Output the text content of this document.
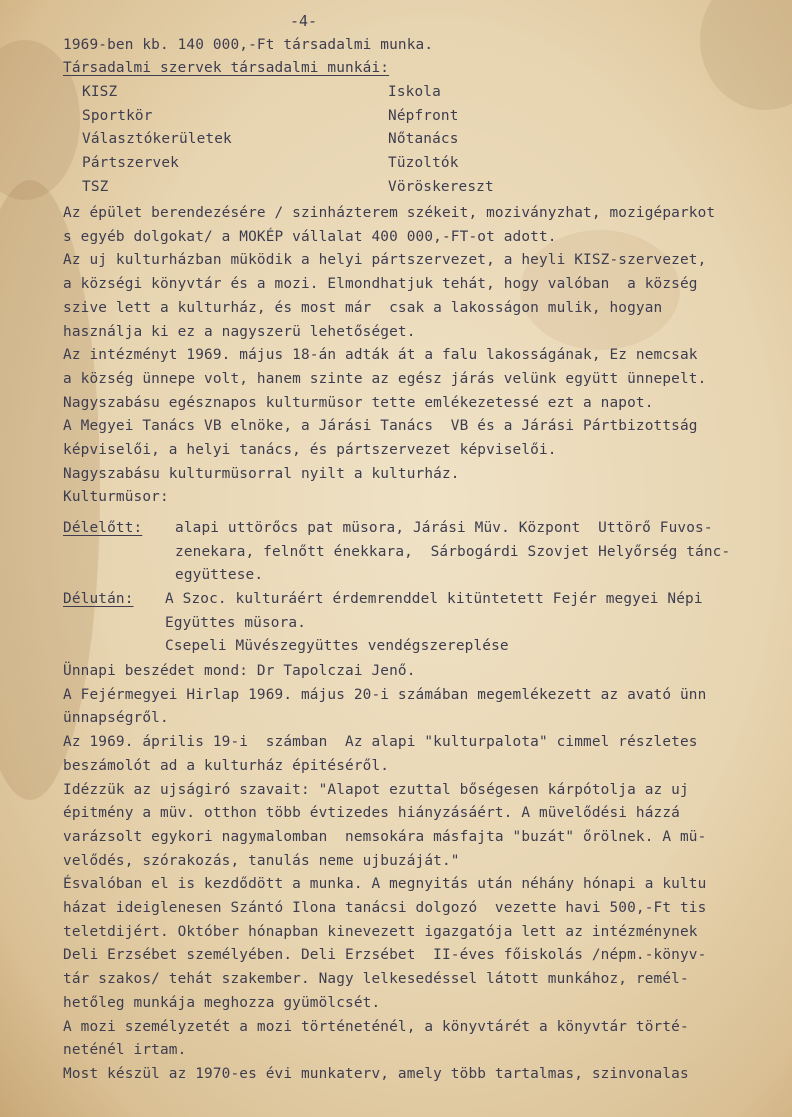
-4-
1969-ben kb. 140 000,-Ft társadalmi munka.
Társadalmi szervek társadalmi munkái:
KISZ
Sportkör
Választókerületek
Pártszervek
TSZ
Iskola
Népfront
Nőtanács
Tüzoltók
Vöröskereszt
Az épület berendezésére / szinházterem székeit, moziványzhat, mozigéparkot
s egyéb dolgokat/ a MOKÉP vállalat 400 000,-FT-ot adott.
Az uj kulturházban müködik a helyi pártszervezet, a heyli KISZ-szervezet,
a községi könyvtár és a mozi. Elmondhatjuk tehát, hogy valóban  a község
szive lett a kulturház, és most már  csak a lakosságon mulik, hogyan
használja ki ez a nagyszerü lehetőséget.
Az intézményt 1969. május 18-án adták át a falu lakosságának, Ez nemcsak
a község ünnepe volt, hanem szinte az egész járás velünk együtt ünnepelt.
Nagyszabásu egésznapos kulturmüsor tette emlékezetessé ezt a napot.
A Megyei Tanács VB elnöke, a Járási Tanács  VB és a Járási Pártbizottság
képviselői, a helyi tanács, és pártszervezet képviselői.
Nagyszabásu kulturmüsorral nyilt a kulturház.
Kulturmüsor:
Délelőtt: alapi uttörőcs pat müsora, Járási Müv. Központ  Uttörő Fuvos-
zenekara, felnőtt énekkara,  Sárbogárdi Szovjet Helyőrség tánc-
együttese.
Délután: A Szoc. kulturáért érdemrenddel kitüntetett Fejér megyei Népi
Együttes müsora.
Csepeli Müvészegyüttes vendégszereplése
Ünnapi beszédet mond: Dr Tapolczai Jenő.
A Fejérmegyei Hirlap 1969. május 20-i számában megemlékezett az avató ünn
ünnapségről.
Az 1969. április 19-i  számban  Az alapi "kulturpalota" cimmel részletes
beszámolót ad a kulturház épitéséről.
Idézzük az ujságiró szavait: "Alapot ezuttal bőségesen kárpótolja az uj
épitmény a müv. otthon több évtizedes hiányzásáért. A müvelődési házzá
varázsolt egykori nagymalomban  nemsokára másfajta "buzát" őrölnek. A mü-
velődés, szórakozás, tanulás neme ujbuzáját."
Ésvalóban el is kezdődött a munka. A megnyitás után néhány hónapi a kultu
házat ideiglenesen Szántó Ilona tanácsi dolgozó  vezette havi 500,-Ft tis
teletdijért. Október hónapban kinevezett igazgatója lett az intézménynek
Deli Erzsébet személyében. Deli Erzsébet  II-éves főiskolás /népm.-könyv-
tár szakos/ tehát szakember. Nagy lelkesedéssel látott munkához, remél-
hetőleg munkája meghozza gyümölcsét.
A mozi személyzetét a mozi történeténél, a könyvtárét a könyvtár törté-
neténél irtam.
Most készül az 1970-es évi munkaterv, amely több tartalmas, szinvonalas
